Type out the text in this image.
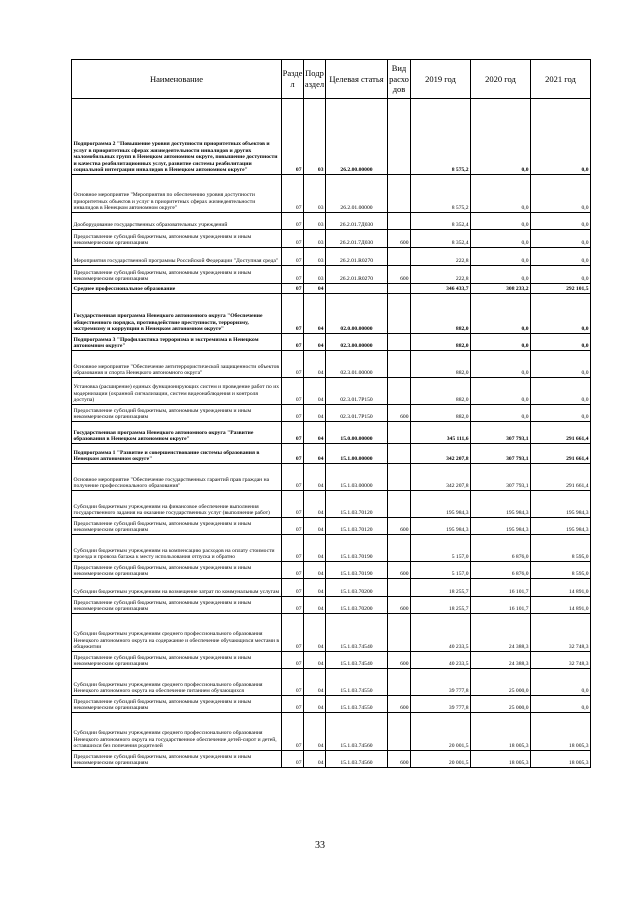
Наименование	Разде л	Подр аздел	Целевая статья	Вид расхо дов	2019 год	2020 год	2021 год
Подпрограмма 2 "Повышение уровня доступности приоритетных объектов и услуг в приоритетных сферах жизнедеятельности инвалидов и других маломобильных групп в Ненецком автономном округе, повышение доступности и качества реабилитационных услуг, развитие системы реабилитации социальной интеграции инвалидов в Ненецком автономном округе"	07	03	26.2.00.00000		8 575,2	0,0	0,0
Основное мероприятие "Мероприятия по обеспечению уровня доступности приоритетных объектов и услуг в приоритетных сферах жизнедеятельности инвалидов в Ненецком автономном округе"	07	03	26.2.01.00000		8 575,2	0,0	0,0
Дооборудование государственных образовательных учреждений	07	03	26.2.01.7Д030		8 352,4	0,0	0,0
Предоставление субсидий бюджетным, автономным учреждениям и иным некоммерческим организациям	07	03	26.2.01.7Д030	600	8 352,4	0,0	0,0
Мероприятия государственной программы Российской Федерации "Доступная среда"	07	03	26.2.01.R0270		222,8	0,0	0,0
Предоставление субсидий бюджетным, автономным учреждениям и иным некоммерческим организациям	07	03	26.2.01.R0270	600	222,8	0,0	0,0
Среднее профессиональное образование	07	04			346 433,7	308 233,2	292 101,5
Государственная программа Ненецкого автономного округа "Обеспечение общественного порядка, противодействие преступности, терроризму, экстремизму и коррупции в Ненецком автономном округе"	07	04	02.0.00.00000		882,0	0,0	0,0
Подпрограмма 3 "Профилактика терроризма и экстремизма в Ненецком автономном округе"	07	04	02.3.00.00000		882,0	0,0	0,0
Основное мероприятие "Обеспечение антитеррористической защищенности объектов образования и спорта Ненецкого автономного округа"	07	04	02.3.01.00000		882,0	0,0	0,0
Установка (расширение) единых функционирующих систем и проведение работ по их модернизации (охранной сигнализации, систем видеонаблюдения и контроля доступа)	07	04	02.3.01.7Р150		882,0	0,0	0,0
Предоставление субсидий бюджетным, автономным учреждениям и иным некоммерческим организациям	07	04	02.3.01.7Р150	600	882,0	0,0	0,0
Государственная программа Ненецкого автономного округа "Развитие образования в Ненецком автономном округе"	07	04	15.0.00.00000		345 111,6	307 793,1	291 661,4
Подпрограмма 1 "Развитие и совершенствование системы образования в Ненецком автономном округе"	07	04	15.1.00.00000		342 207,8	307 793,1	291 661,4
Основное мероприятие "Обеспечение государственных гарантий прав граждан на получение профессионального образования"	07	04	15.1.03.00000		342 207,8	307 793,1	291 661,4
Субсидии бюджетным учреждениям на финансовое обеспечение выполнения государственного задания на оказание государственных услуг (выполнение работ)	07	04	15.1.03.70120		195 984,3	195 984,3	195 984,3
Предоставление субсидий бюджетным, автономным учреждениям и иным некоммерческим организациям	07	04	15.1.03.70120	600	195 984,3	195 984,3	195 984,3
Субсидии бюджетным учреждениям на компенсацию расходов на оплату стоимости проезда и провоза багажа к месту использования отпуска и обратно	07	04	15.1.03.70190		5 157,0	6 876,0	8 595,0
Предоставление субсидий бюджетным, автономным учреждениям и иным некоммерческим организациям	07	04	15.1.03.70190	600	5 157,0	6 876,0	8 595,0
Субсидии бюджетным учреждениям на возмещение затрат по коммунальным услугам	07	04	15.1.03.70200		18 255,7	16 101,7	14 891,0
Предоставление субсидий бюджетным, автономным учреждениям и иным некоммерческим организациям	07	04	15.1.03.70200	600	18 255,7	16 101,7	14 891,0
Субсидии бюджетным учреждениям среднего профессионального образования Ненецкого автономного округа на содержание и обеспечение обучающихся местами в общежитии	07	04	15.1.03.74540		40 233,5	24 388,3	32 748,3
Предоставление субсидий бюджетным, автономным учреждениям и иным некоммерческим организациям	07	04	15.1.03.74540	600	40 233,5	24 388,3	32 748,3
Субсидии бюджетным учреждениям среднего профессионального образования Ненецкого автономного округа на обеспечение питанием обучающихся	07	04	15.1.03.74550		39 777,8	25 000,0	0,0
Предоставление субсидий бюджетным, автономным учреждениям и иным некоммерческим организациям	07	04	15.1.03.74550	600	39 777,8	25 000,0	0,0
Субсидии бюджетным учреждениям среднего профессионального образования Ненецкого автономного округа на государственное обеспечение детей-сирот и детей, оставшихся без попечения родителей	07	04	15.1.03.74560		20 001,5	18 005,3	18 005,3
Предоставление субсидий бюджетным, автономным учреждениям и иным некоммерческим организациям	07	04	15.1.03.74560	600	20 001,5	18 005,3	18 005,3
33
